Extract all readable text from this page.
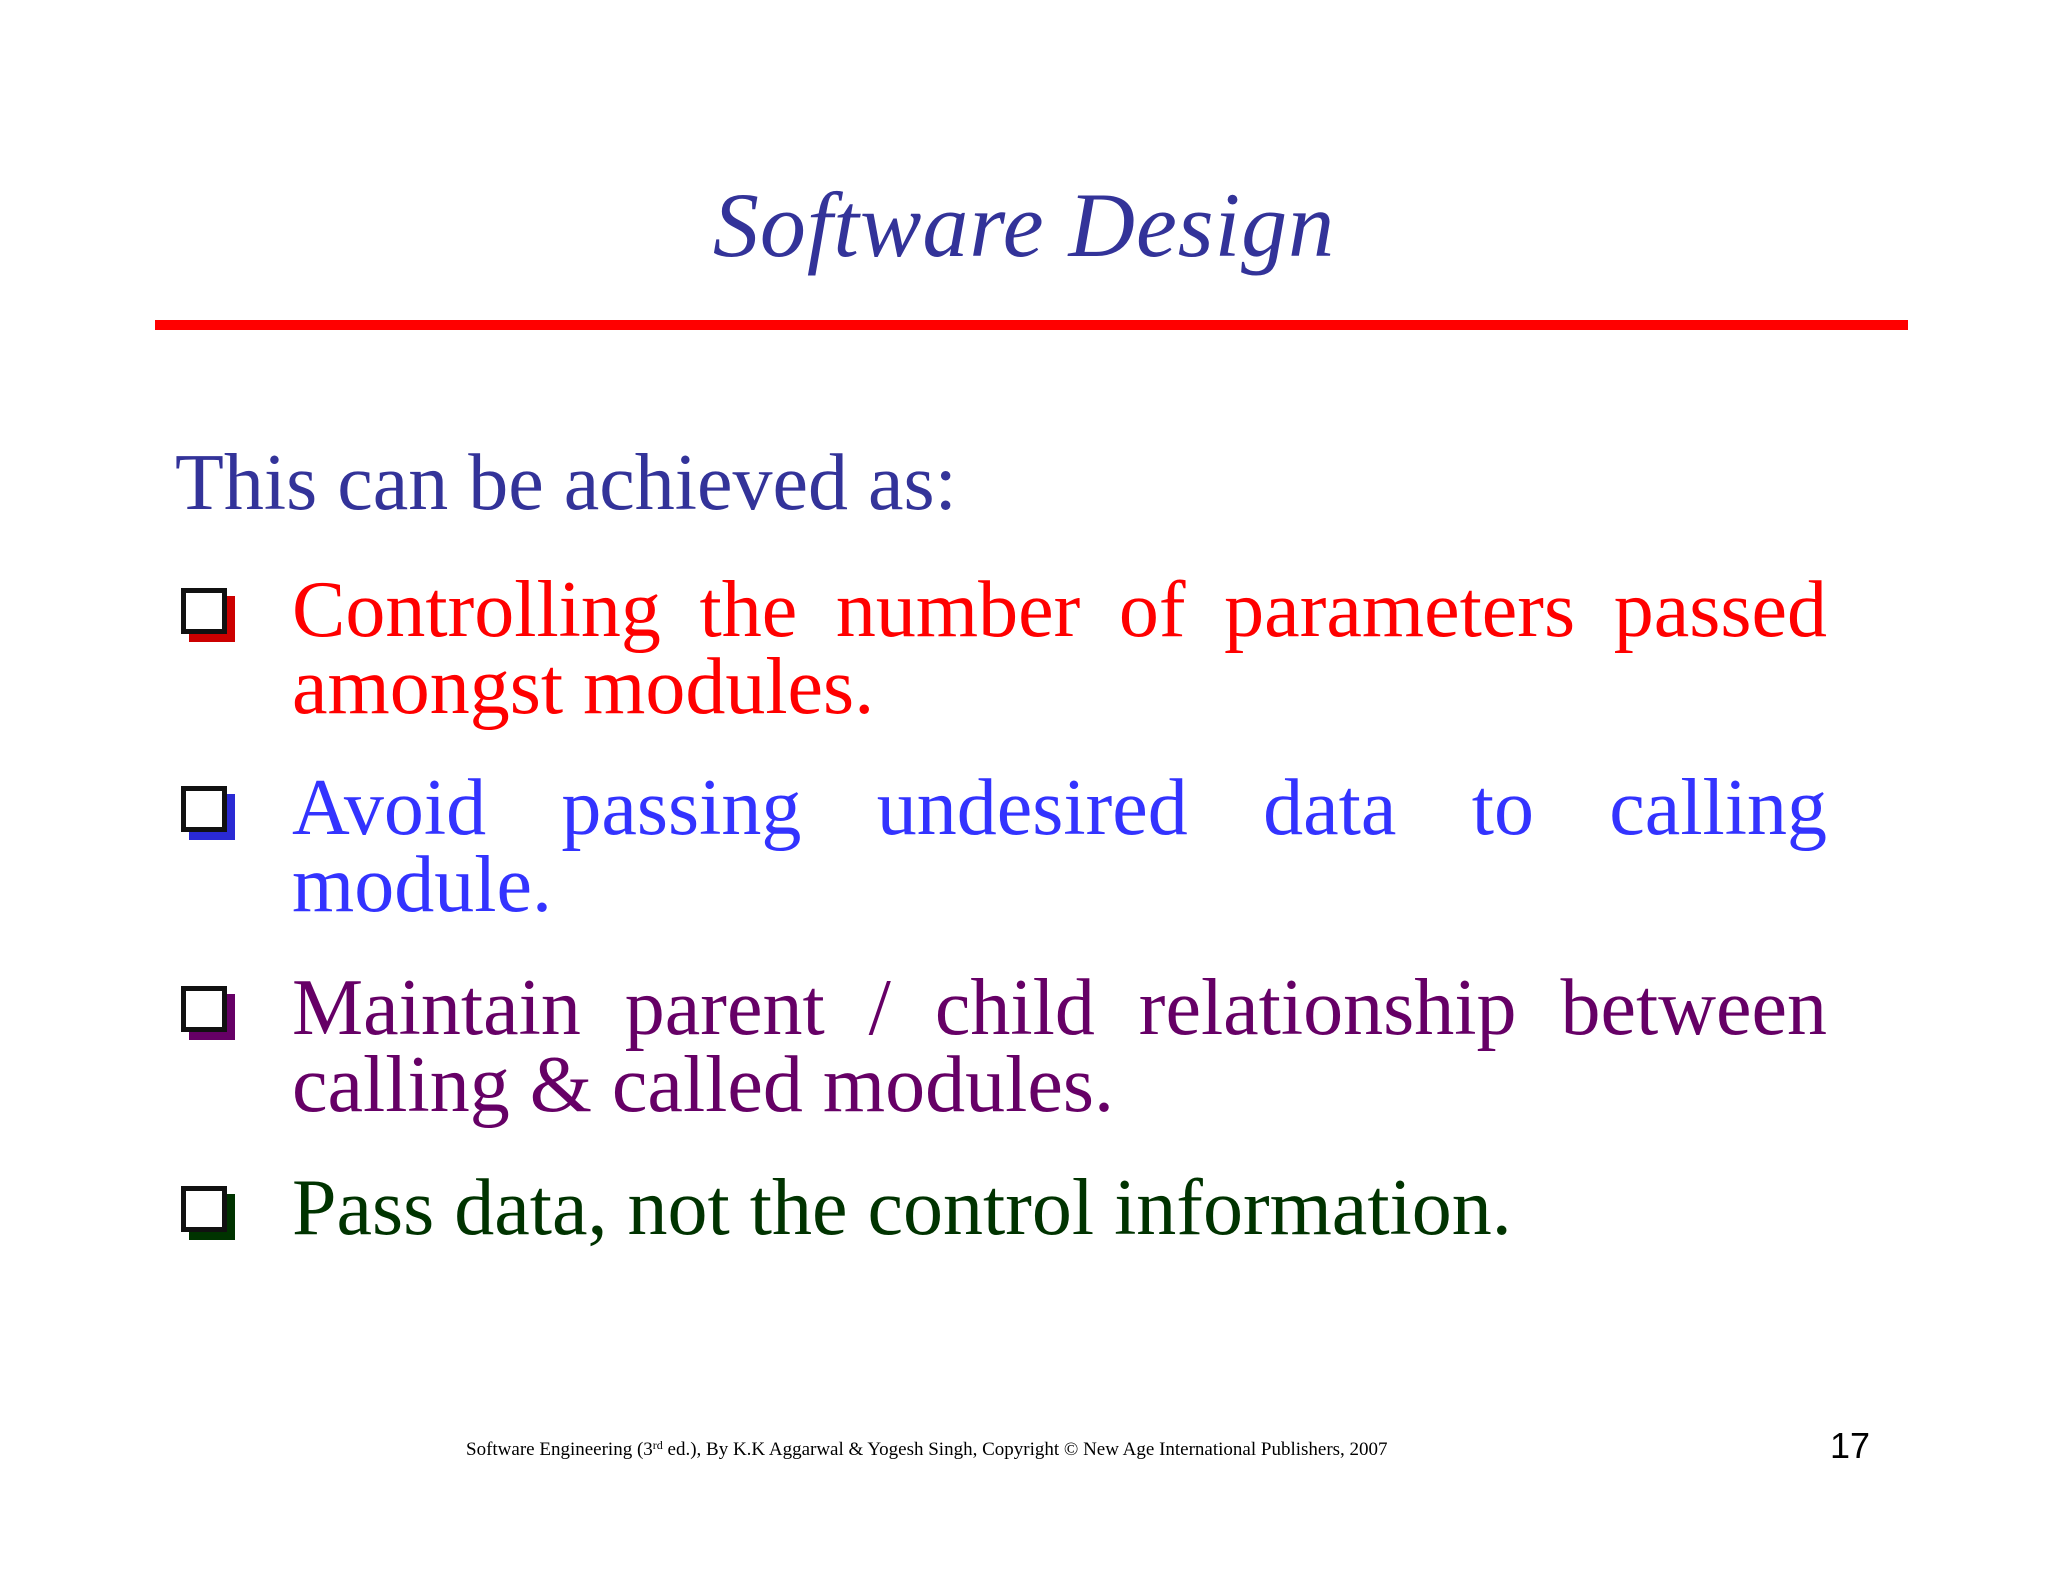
Software Design
This can be achieved as:
Controlling the number of parameters passed amongst modules.
Avoid passing undesired data to calling module.
Maintain parent / child relationship between calling & called modules.
Pass data, not the control information.
Software Engineering (3rd ed.), By K.K Aggarwal & Yogesh Singh, Copyright © New Age International Publishers, 2007	17
